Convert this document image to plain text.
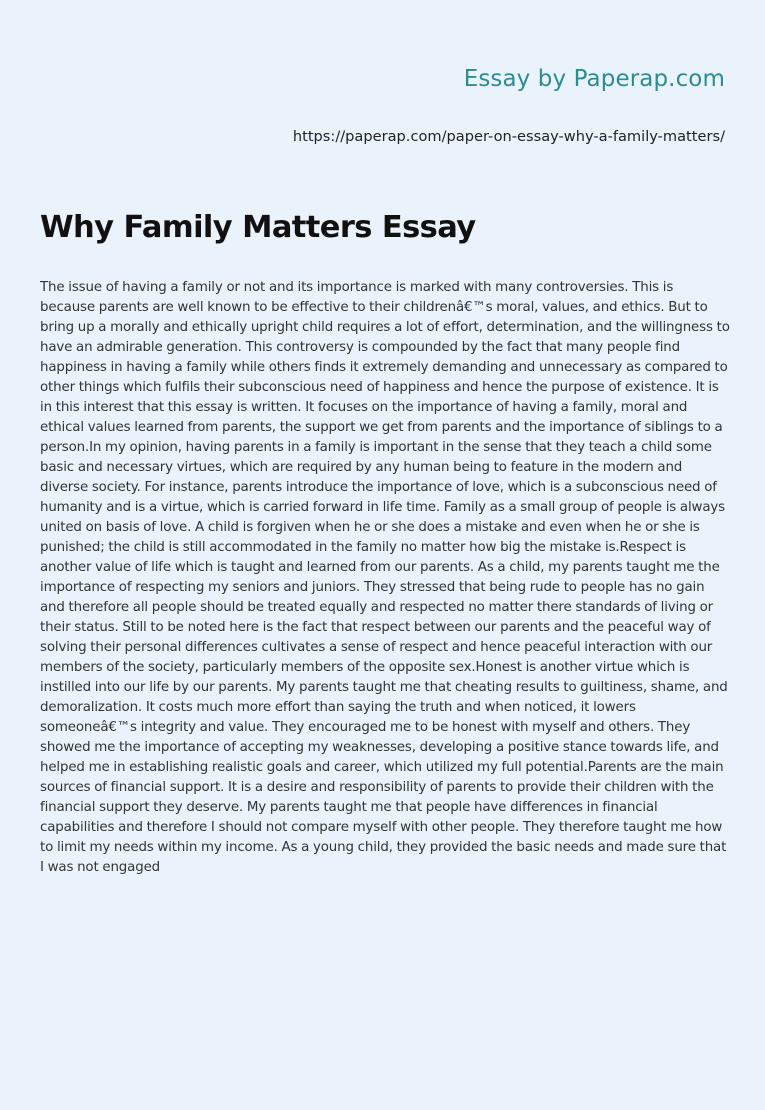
Essay by Paperap.com
https://paperap.com/paper-on-essay-why-a-family-matters/
Why Family Matters Essay

The issue of having a family or not and its importance is marked with many controversies. This is because parents are well known to be effective to their childrenâ€™s moral, values, and ethics. But to bring up a morally and ethically upright child requires a lot of effort, determination, and the willingness to have an admirable generation. This controversy is compounded by the fact that many people find happiness in having a family while others finds it extremely demanding and unnecessary as compared to other things which fulfils their subconscious need of happiness and hence the purpose of existence. It is in this interest that this essay is written. It focuses on the importance of having a family, moral and ethical values learned from parents, the support we get from parents and the importance of siblings to a person.In my opinion, having parents in a family is important in the sense that they teach a child some basic and necessary virtues, which are required by any human being to feature in the modern and diverse society. For instance, parents introduce the importance of love, which is a subconscious need of humanity and is a virtue, which is carried forward in life time. Family as a small group of people is always united on basis of love. A child is forgiven when he or she does a mistake and even when he or she is punished; the child is still accommodated in the family no matter how big the mistake is.Respect is another value of life which is taught and learned from our parents. As a child, my parents taught me the importance of respecting my seniors and juniors. They stressed that being rude to people has no gain and therefore all people should be treated equally and respected no matter there standards of living or their status. Still to be noted here is the fact that respect between our parents and the peaceful way of solving their personal differences cultivates a sense of respect and hence peaceful interaction with our members of the society, particularly members of the opposite sex.Honest is another virtue which is instilled into our life by our parents. My parents taught me that cheating results to guiltiness, shame, and demoralization. It costs much more effort than saying the truth and when noticed, it lowers someoneâ€™s integrity and value. They encouraged me to be honest with myself and others. They showed me the importance of accepting my weaknesses, developing a positive stance towards life, and helped me in establishing realistic goals and career, which utilized my full potential.Parents are the main sources of financial support. It is a desire and responsibility of parents to provide their children with the financial support they deserve. My parents taught me that people have differences in financial capabilities and therefore I should not compare myself with other people. They therefore taught me how to limit my needs within my income. As a young child, they provided the basic needs and made sure that I was not engaged
